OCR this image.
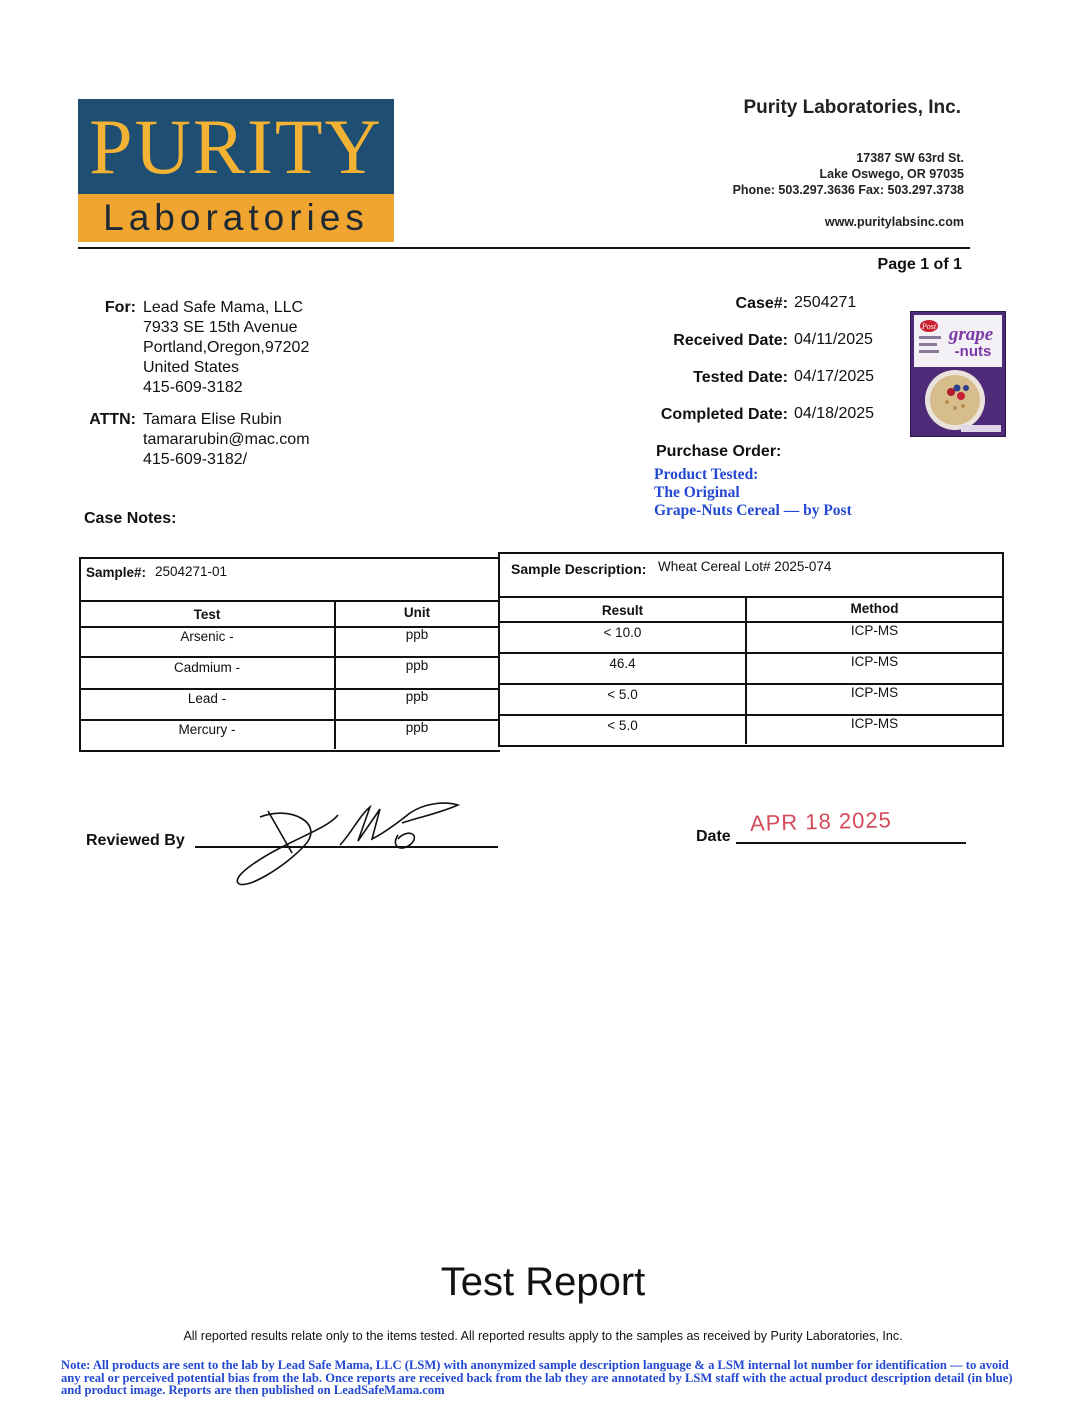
PURITY
Laboratories
Purity Laboratories, Inc.
17387 SW 63rd St.
Lake Oswego, OR 97035
Phone: 503.297.3636 Fax: 503.297.3738
www.puritylabsinc.com
Page 1 of 1
For: Lead Safe Mama, LLC
7933 SE 15th Avenue
Portland,Oregon,97202
United States
415-609-3182
ATTN: Tamara Elise Rubin
tamararubin@mac.com
415-609-3182/
Case Notes:
Case#: 2504271
Received Date: 04/11/2025
Tested Date: 04/17/2025
Completed Date: 04/18/2025
Purchase Order:
Product Tested:
The Original
Grape-Nuts Cereal — by Post
Post grape
-nuts
Sample#: 2504271-01	Sample Description: Wheat Cereal Lot# 2025-074
Test	Unit	Result	Method
Arsenic -	ppb	< 10.0	ICP-MS
Cadmium -	ppb	46.4	ICP-MS
Lead -	ppb	< 5.0	ICP-MS
Mercury -	ppb	< 5.0	ICP-MS
Reviewed By	Date
APR 18 2025
Test Report
All reported results relate only to the items tested. All reported results apply to the samples as received by Purity Laboratories, Inc.
Note: All products are sent to the lab by Lead Safe Mama, LLC (LSM) with anonymized sample description language & a LSM internal lot number for identification — to avoid any real or perceived potential bias from the lab. Once reports are received back from the lab they are annotated by LSM staff with the actual product description detail (in blue) and product image. Reports are then published on LeadSafeMama.com
